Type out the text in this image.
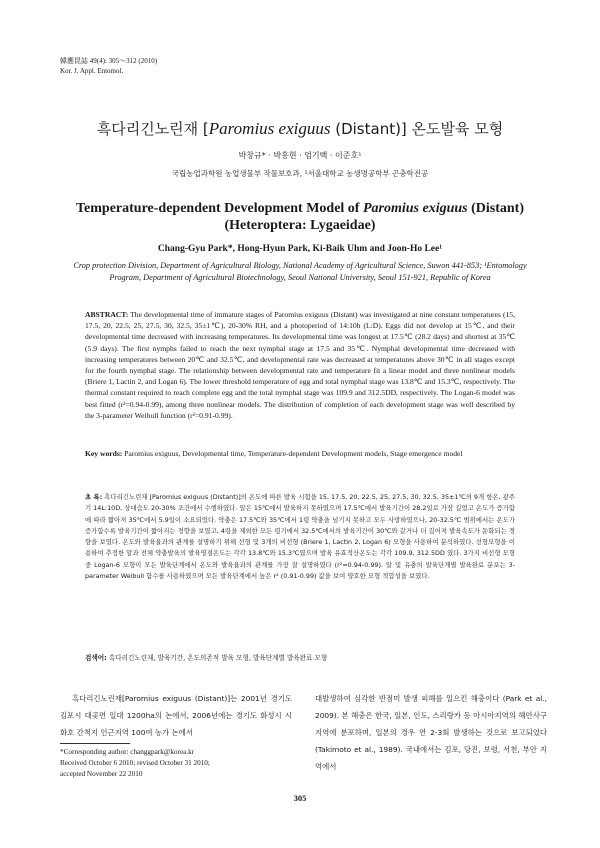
韓應昆誌 49(4): 305～312 (2010)
Kor. J. Appl. Entomol.
흑다리긴노린재 [Paromius exiguus (Distant)] 온도발육 모형
박창규* · 박홍현 · 엄기백 · 이준호¹
국립농업과학원 농업생물부 작물보호과, ¹서울대학교 농생명공학부 곤충학전공
Temperature-dependent Development Model of Paromius exiguus (Distant)
(Heteroptera: Lygaeidae)
Chang-Gyu Park*, Hong-Hyun Park, Ki-Baik Uhm and Joon-Ho Lee¹
Crop protection Division, Department of Agricultural Biology, National Academy of Agricultural Science, Suwon 441-853; ¹Entomology Program, Department of Agricultural Biotechnology, Seoul National University, Seoul 151-921, Republic of Korea
ABSTRACT: The developmental time of immature stages of Paromius exiguus (Distant) was investigated at nine constant temperatures (15, 17.5, 20, 22.5, 25, 27.5, 30, 32.5, 35±1℃), 20-30% RH, and a photoperiod of 14:10h (L:D). Eggs did not develop at 15℃, and their developmental time decreased with increasing temperatures. Its developmental time was longest at 17.5℃ (28.2 days) and shortest at 35℃ (5.9 days). The first nymphs failed to reach the next nymphal stage at 17.5 and 35℃. Nymphal developmental time decreased with increasing temperatures between 20℃ and 32.5℃, and developmental rate was decreased at temperatures above 30℃ in all stages except for the fourth nymphal stage. The relationship between developmental rate and temperature fit a linear model and three nonlinear models (Briere 1, Lactin 2, and Logan 6). The lower threshold temperature of egg and total nymphal stage was 13.8℃ and 15.3℃, respectively. The thermal constant required to reach complete egg and the total nymphal stage was 109.9 and 312.5DD, respectively. The Logan-6 model was best fitted (r²=0.94-0.99), among three nonlinear models. The distribution of completion of each development stage was well described by the 3-parameter Weibull function (r²=0.91-0.99).
Key words: Paromius exiguus, Developmental time, Temperature-dependent Development models, Stage emergence model
초 록: 흑다리긴노린재 [Paromius exiguus (Distant)]의 온도에 따른 발육 시험을 15, 17.5, 20, 22.5, 25, 27.5, 30, 32.5, 35±1℃의 9개 항온, 광주기 14L:10D, 상대습도 20-30% 조건에서 수행하였다. 알은 15℃에서 발육하지 못하였으며 17.5℃에서 발육기간이 28.2일로 가장 길었고 온도가 증가함에 따라 짧아져 35℃에서 5.9일이 소요되었다. 약충은 17.5℃와 35℃에서 1령 약충을 넘기지 못하고 모두 사망하였으나, 20-32.5℃ 범위에서는 온도가 증가함수록 발육기간이 짧아지는 경향을 보였고, 4령을 제외한 모든 령기에서 32.5℃에서의 발육기간이 30℃와 같거나 더 길어져 발육속도가 둔화되는 경향을 보였다. 온도와 발육율과의 관계를 설명하기 위해 선형 및 3개의 비선형 (Briere 1, Lactin 2, Logan 6) 모형을 사용하여 분석하였다. 선형모형을 이용하여 추정한 알과 전체 약충발육의 발육영점온도는 각각 13.8℃와 15.3℃였으며 발육 유효적산온도는 각각 109.9, 312.5DD 였다. 3가지 비선형 모형 중 Logan-6 모형이 모든 발육단계에서 온도와 발육율과의 관계를 가장 잘 설명하였다 (r²=0.94-0.99). 알 및 유충의 발육단계별 발육완료 분포는 3-parameter Weibull 함수를 사용하였으며 모든 발육단계에서 높은 r² (0.91-0.99) 값을 보여 양호한 모형 적합성을 보였다.
검색어: 흑다리긴노린재, 발육기간, 온도의존적 발육 모형, 발육단계별 발육완료 모형
흑다리긴노린재[Paromius exiguus (Distant)]는 2001년 경기도 김포시 대곶면 일대 1200ha의 논에서, 2006년에는 경기도 화성시 시화호 간척지 인근지역 100여 농가 논에서
대발생하여 심각한 반점미 발생 피해를 일으킨 해충이다 (Park et al., 2009). 본 해충은 한국, 일본, 인도, 스리랑카 등 아시아지역의 해안사구 지역에 분포하며, 일본의 경우 연 2-3회 발생하는 것으로 보고되었다 (Takimoto et al., 1989). 국내에서는 김포, 당진, 보령, 서천, 부안 지역에서
*Corresponding author: changgpark@korea.kr
Received October 6 2010; revised October 31 2010;
accepted November 22 2010
305
